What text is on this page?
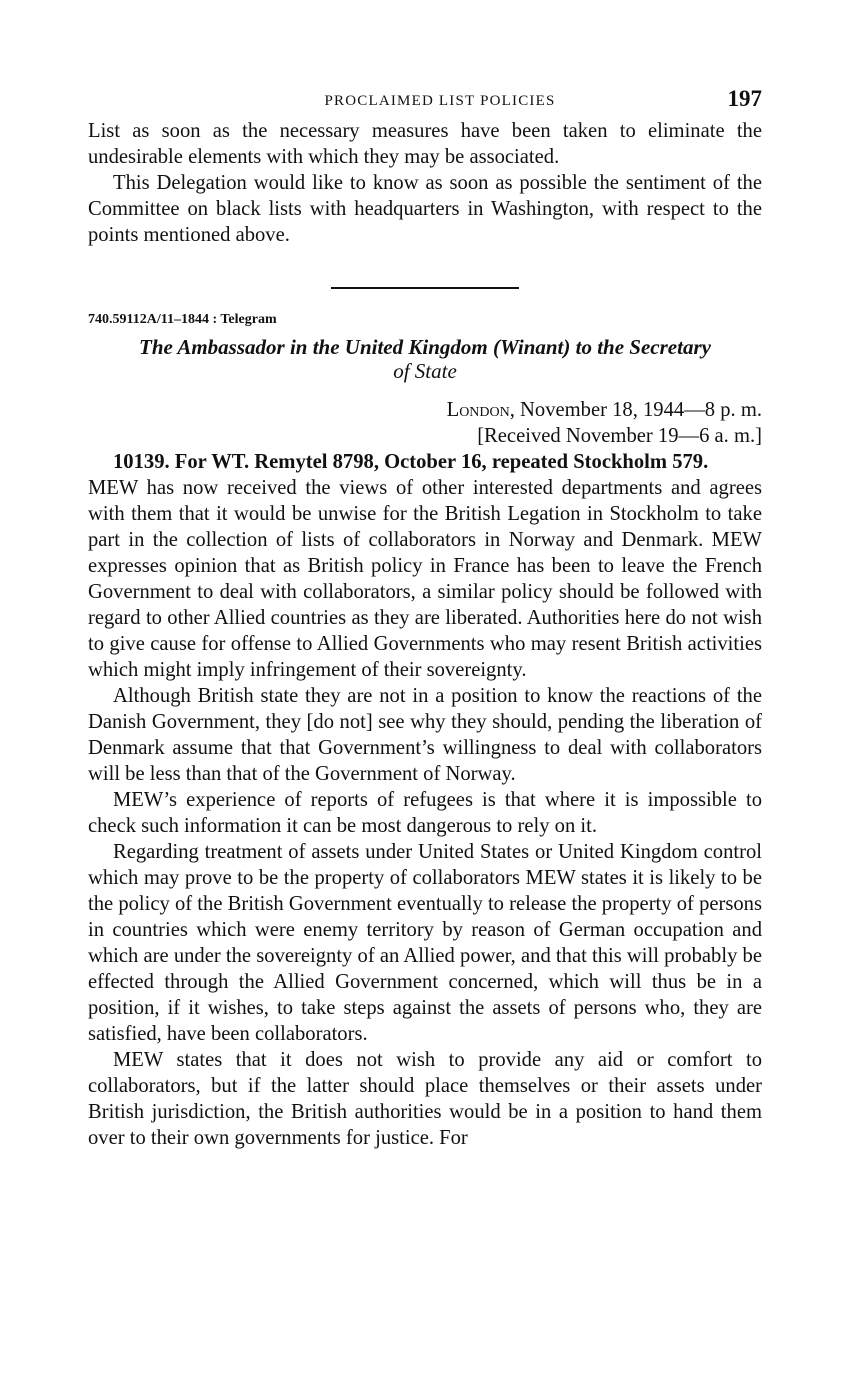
PROCLAIMED LIST POLICIES	197

List as soon as the necessary measures have been taken to eliminate the undesirable elements with which they may be associated.

This Delegation would like to know as soon as possible the sentiment of the Committee on black lists with headquarters in Washington, with respect to the points mentioned above.

740.59112A/11–1844 : Telegram
The Ambassador in the United Kingdom (Winant) to the Secretary
of State
London, November 18, 1944—8 p. m.
[Received November 19—6 a. m.]

10139. For WT. Remytel 8798, October 16, repeated Stockholm 579.

MEW has now received the views of other interested departments and agrees with them that it would be unwise for the British Legation in Stockholm to take part in the collection of lists of collaborators in Norway and Denmark. MEW expresses opinion that as British policy in France has been to leave the French Government to deal with collaborators, a similar policy should be followed with regard to other Allied countries as they are liberated. Authorities here do not wish to give cause for offense to Allied Governments who may resent British activities which might imply infringement of their sovereignty.

Although British state they are not in a position to know the reactions of the Danish Government, they [do not] see why they should, pending the liberation of Denmark assume that that Government’s willingness to deal with collaborators will be less than that of the Government of Norway.

MEW’s experience of reports of refugees is that where it is impossible to check such information it can be most dangerous to rely on it.

Regarding treatment of assets under United States or United Kingdom control which may prove to be the property of collaborators MEW states it is likely to be the policy of the British Government eventually to release the property of persons in countries which were enemy territory by reason of German occupation and which are under the sovereignty of an Allied power, and that this will probably be effected through the Allied Government concerned, which will thus be in a position, if it wishes, to take steps against the assets of persons who, they are satisfied, have been collaborators.

MEW states that it does not wish to provide any aid or comfort to collaborators, but if the latter should place themselves or their assets under British jurisdiction, the British authorities would be in a position to hand them over to their own governments for justice. For
